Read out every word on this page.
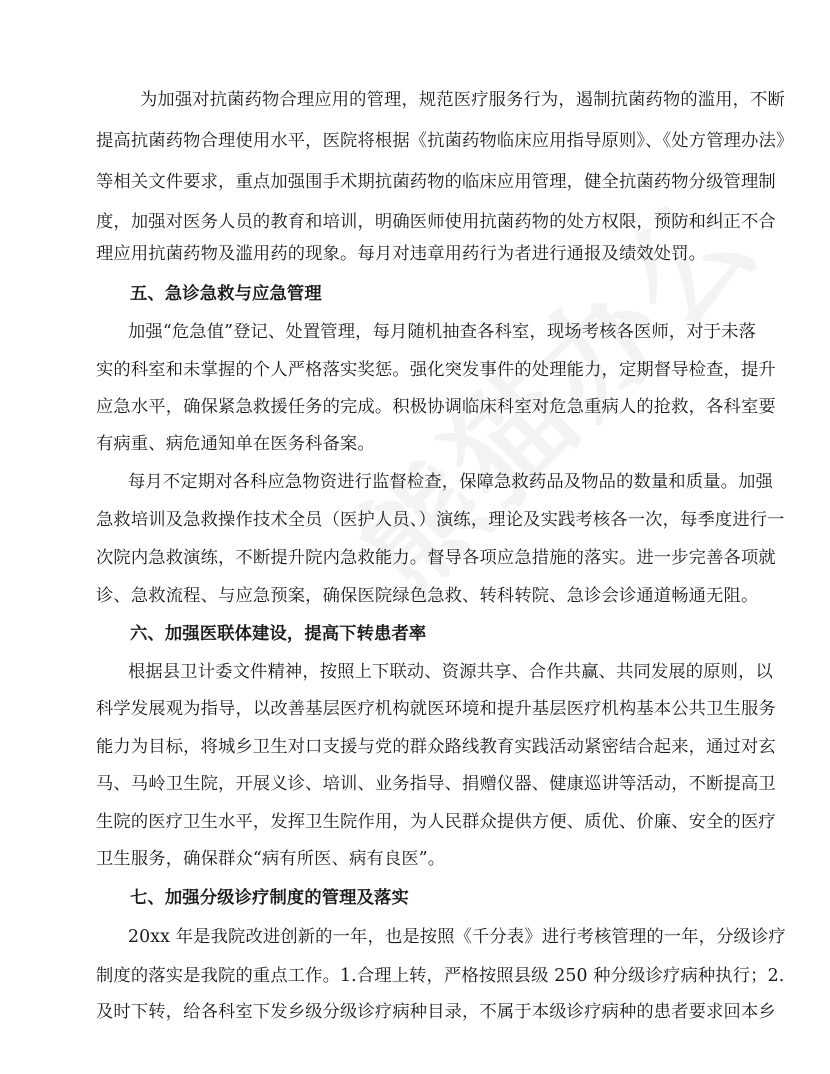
为加强对抗菌药物合理应用的管理，规范医疗服务行为，遏制抗菌药物的滥用，不断
提高抗菌药物合理使用水平，医院将根据《抗菌药物临床应用指导原则》、《处方管理办法》
等相关文件要求，重点加强围手术期抗菌药物的临床应用管理，健全抗菌药物分级管理制
度，加强对医务人员的教育和培训，明确医师使用抗菌药物的处方权限，预防和纠正不合
理应用抗菌药物及滥用药的现象。每月对违章用药行为者进行通报及绩效处罚。
五、急诊急救与应急管理
加强“危急值”登记、处置管理，每月随机抽查各科室，现场考核各医师，对于未落
实的科室和未掌握的个人严格落实奖惩。强化突发事件的处理能力，定期督导检查，提升
应急水平，确保紧急救援任务的完成。积极协调临床科室对危急重病人的抢救，各科室要
有病重、病危通知单在医务科备案。
每月不定期对各科应急物资进行监督检查，保障急救药品及物品的数量和质量。加强
急救培训及急救操作技术全员（医护人员、）演练，理论及实践考核各一次，每季度进行一
次院内急救演练，不断提升院内急救能力。督导各项应急措施的落实。进一步完善各项就
诊、急救流程、与应急预案，确保医院绿色急救、转科转院、急诊会诊通道畅通无阻。
六、加强医联体建设，提高下转患者率
根据县卫计委文件精神，按照上下联动、资源共享、合作共赢、共同发展的原则，以
科学发展观为指导，以改善基层医疗机构就医环境和提升基层医疗机构基本公共卫生服务
能力为目标，将城乡卫生对口支援与党的群众路线教育实践活动紧密结合起来，通过对玄
马、马岭卫生院，开展义诊、培训、业务指导、捐赠仪器、健康巡讲等活动，不断提高卫
生院的医疗卫生水平，发挥卫生院作用，为人民群众提供方便、质优、价廉、安全的医疗
卫生服务，确保群众“病有所医、病有良医”。
七、加强分级诊疗制度的管理及落实
20xx 年是我院改进创新的一年，也是按照《千分表》进行考核管理的一年，分级诊疗
制度的落实是我院的重点工作。1.合理上转，严格按照县级 250 种分级诊疗病种执行；2.
及时下转，给各科室下发乡级分级诊疗病种目录，不属于本级诊疗病种的患者要求回本乡
